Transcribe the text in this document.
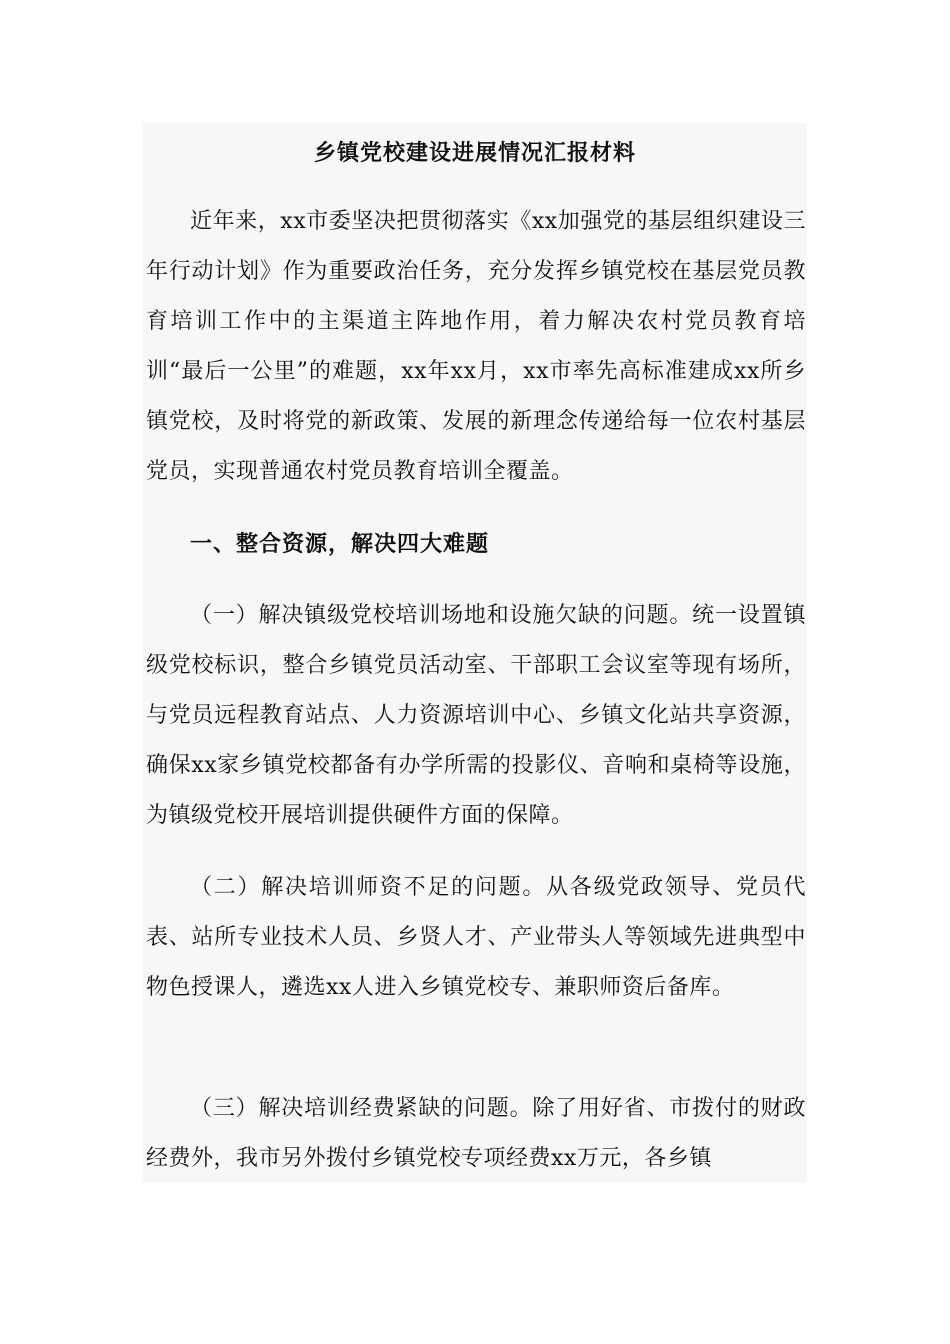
乡镇党校建设进展情况汇报材料

近年来，xx市委坚决把贯彻落实《xx加强党的基层组织建设三年行动计划》作为重要政治任务，充分发挥乡镇党校在基层党员教育培训工作中的主渠道主阵地作用，着力解决农村党员教育培训“最后一公里”的难题，xx年xx月，xx市率先高标准建成xx所乡镇党校，及时将党的新政策、发展的新理念传递给每一位农村基层党员，实现普通农村党员教育培训全覆盖。

一、整合资源，解决四大难题

（一）解决镇级党校培训场地和设施欠缺的问题。统一设置镇级党校标识，整合乡镇党员活动室、干部职工会议室等现有场所，与党员远程教育站点、人力资源培训中心、乡镇文化站共享资源，确保xx家乡镇党校都备有办学所需的投影仪、音响和桌椅等设施，为镇级党校开展培训提供硬件方面的保障。

（二）解决培训师资不足的问题。从各级党政领导、党员代表、站所专业技术人员、乡贤人才、产业带头人等领域先进典型中物色授课人，遴选xx人进入乡镇党校专、兼职师资后备库。

（三）解决培训经费紧缺的问题。除了用好省、市拨付的财政经费外，我市另外拨付乡镇党校专项经费xx万元，各乡镇
